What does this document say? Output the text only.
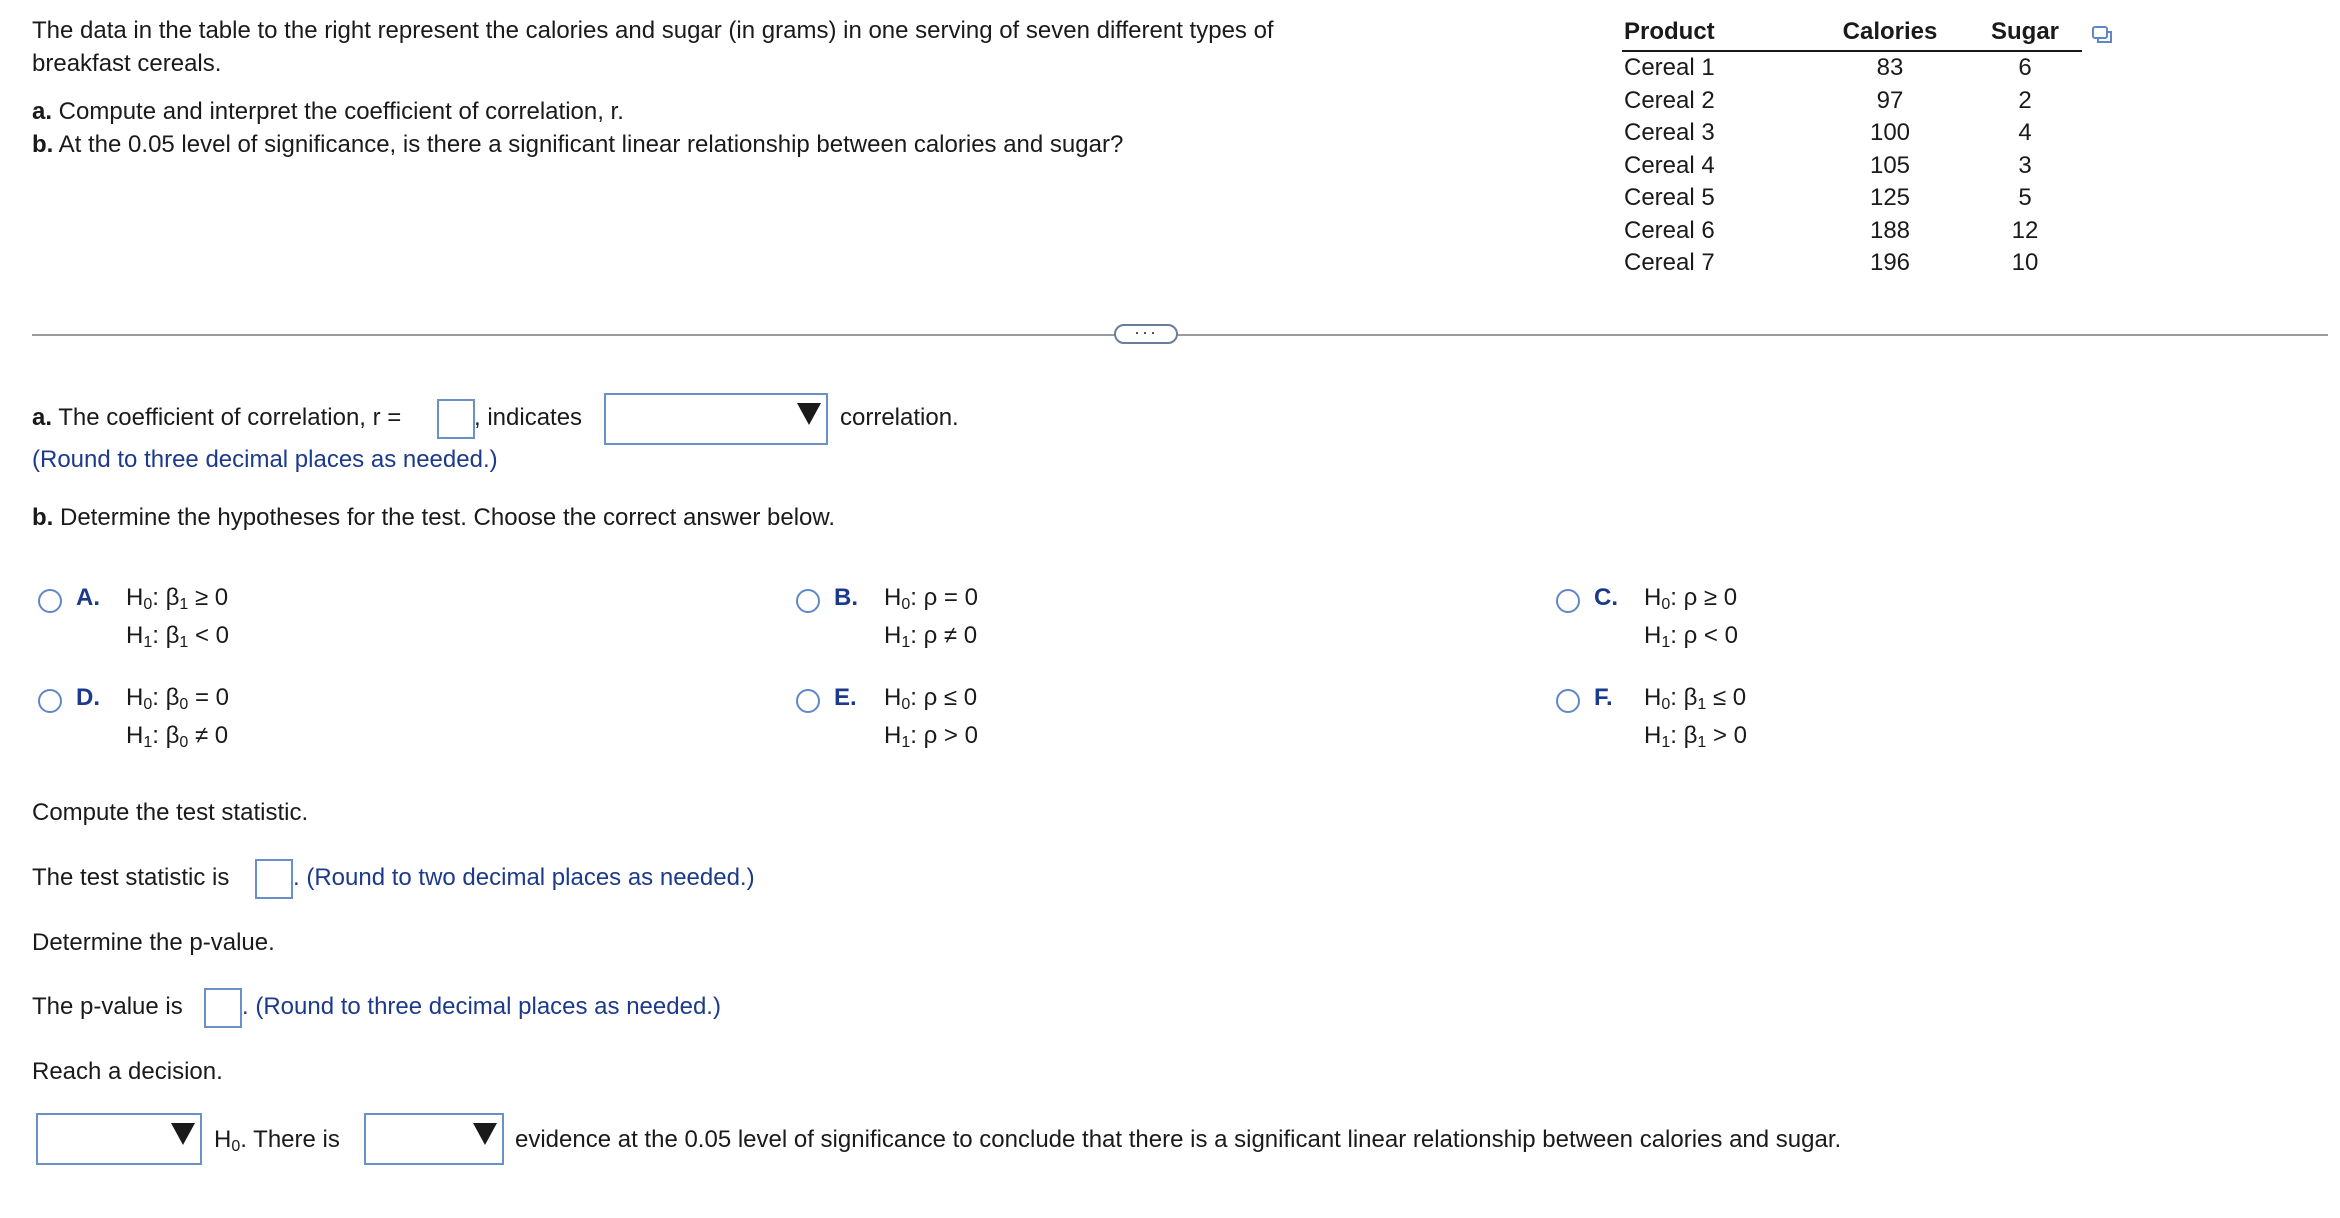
The data in the table to the right represent the calories and sugar (in grams) in one serving of seven different types of

breakfast cereals.

a. Compute and interpret the coefficient of correlation, r.

b. At the 0.05 level of significance, is there a significant linear relationship between calories and sugar?

Product	Calories	Sugar
Cereal 1	83	6
Cereal 2	97	2
Cereal 3	100	4
Cereal 4	105	3
Cereal 5	125	5
Cereal 6	188	12
Cereal 7	196	10
···
a. The coefficient of correlation, r =	, indicates	correlation.
(Round to three decimal places as needed.)
b. Determine the hypotheses for the test. Choose the correct answer below.
A. $H_0$: $\beta_1 \ge 0$
$H_1$: $\beta_1 < 0$
B. $H_0$: ρ = 0
$H_1$: ρ ≠ 0
C. $H_0$: ρ ≥ 0
$H_1$: ρ < 0
D. $H_0$: $\beta_0 = 0$
$H_1$: $\beta_0 \ne 0$
E. $H_0$: ρ ≤ 0
$H_1$: ρ > 0
F. $H_0$: $\beta_1 \le 0$
$H_1$: $\beta_1 > 0$
Compute the test statistic.
The test statistic is	. (Round to two decimal places as needed.)
Determine the p-value.
The p-value is . (Round to three decimal places as needed.)
Reach a decision.
$H_0$. There is	evidence at the 0.05 level of significance to conclude that there is a significant linear relationship between calories and sugar.
